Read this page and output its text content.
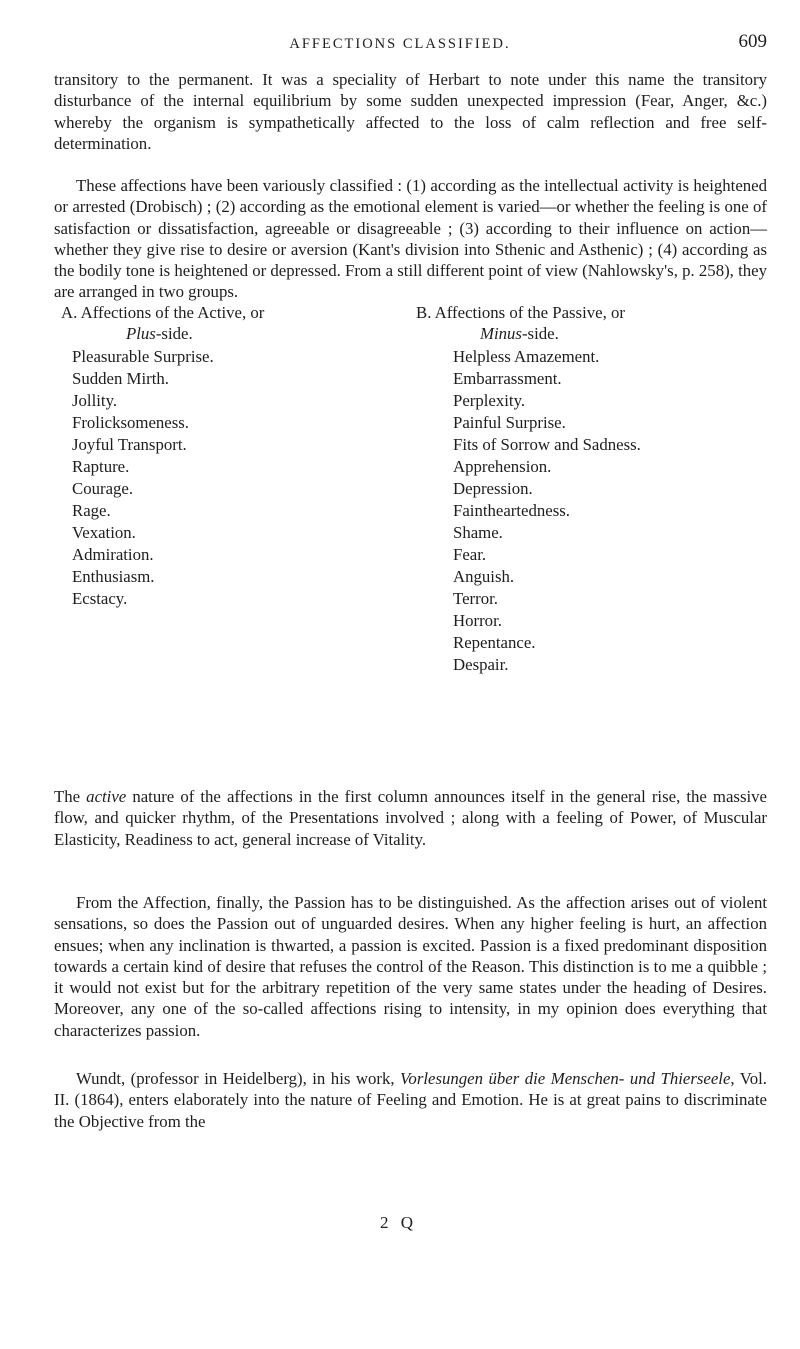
AFFECTIONS CLASSIFIED.	609

transitory to the permanent. It was a speciality of Herbart to note under this name the transitory disturbance of the internal equilibrium by some sudden unexpected impression (Fear, Anger, &c.) whereby the organism is sympathetically affected to the loss of calm reflection and free self-determination.

These affections have been variously classified : (1) according as the intellectual activity is heightened or arrested (Drobisch) ; (2) according as the emotional element is varied—or whether the feeling is one of satisfaction or dissatisfaction, agreeable or disagreeable ; (3) according to their influence on action—whether they give rise to desire or aversion (Kant's division into Sthenic and Asthenic) ; (4) according as the bodily tone is heightened or depressed. From a still different point of view (Nahlowsky's, p. 258), they are arranged in two groups.

A. Affections of the Active, or
Plus-side.
B. Affections of the Passive, or
Minus-side.
Pleasurable Surprise.
Sudden Mirth.
Jollity.
Frolicksomeness.
Joyful Transport.
Rapture.
Courage.
Rage.
Vexation.
Admiration.
Enthusiasm.
Ecstacy.
Helpless Amazement.
Embarrassment.
Perplexity.
Painful Surprise.
Fits of Sorrow and Sadness.
Apprehension.
Depression.
Faintheartedness.
Shame.
Fear.
Anguish.
Terror.
Horror.
Repentance.
Despair.

The active nature of the affections in the first column announces itself in the general rise, the massive flow, and quicker rhythm, of the Presentations involved ; along with a feeling of Power, of Muscular Elasticity, Readiness to act, general increase of Vitality.

From the Affection, finally, the Passion has to be distinguished. As the affection arises out of violent sensations, so does the Passion out of unguarded desires. When any higher feeling is hurt, an affection ensues; when any inclination is thwarted, a passion is excited. Passion is a fixed predominant disposition towards a certain kind of desire that refuses the control of the Reason. This distinction is to me a quibble ; it would not exist but for the arbitrary repetition of the very same states under the heading of Desires. Moreover, any one of the so-called affections rising to intensity, in my opinion does everything that characterizes passion.

Wundt, (professor in Heidelberg), in his work, Vorlesungen über die Menschen- und Thierseele, Vol. II. (1864), enters elaborately into the nature of Feeling and Emotion. He is at great pains to discriminate the Objective from the

2 Q
